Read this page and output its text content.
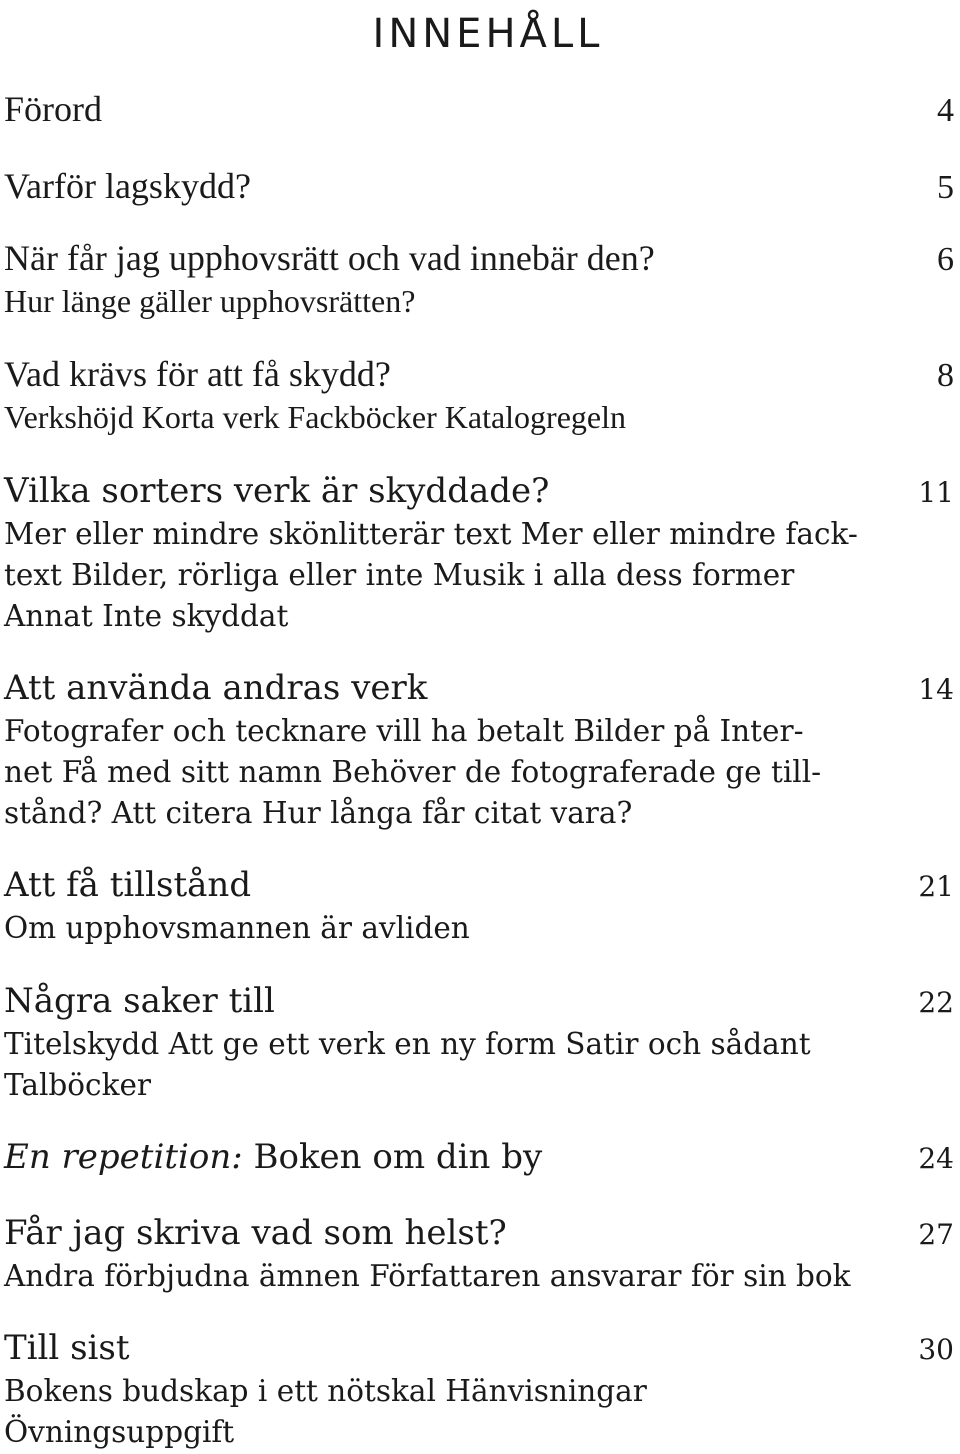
INNEHÅLL
Förord	4
Varför lagskydd?	5
När får jag upphovsrätt och vad innebär den?	6
Hur länge gäller upphovsrätten?
Vad krävs för att få skydd?	8
Verkshöjd Korta verk Fackböcker Katalogregeln
Vilka sorters verk är skyddade?	11
Mer eller mindre skönlitterär text Mer eller mindre fack-
text Bilder, rörliga eller inte Musik i alla dess former
Annat Inte skyddat
Att använda andras verk	14
Fotografer och tecknare vill ha betalt Bilder på Inter-
net Få med sitt namn Behöver de fotograferade ge till-
stånd? Att citera Hur långa får citat vara?
Att få tillstånd	21
Om upphovsmannen är avliden
Några saker till	22
Titelskydd Att ge ett verk en ny form Satir och sådant
Talböcker
En repetition: Boken om din by	24
Får jag skriva vad som helst?	27
Andra förbjudna ämnen Författaren ansvarar för sin bok
Till sist	30
Bokens budskap i ett nötskal Hänvisningar
Övningsuppgift
